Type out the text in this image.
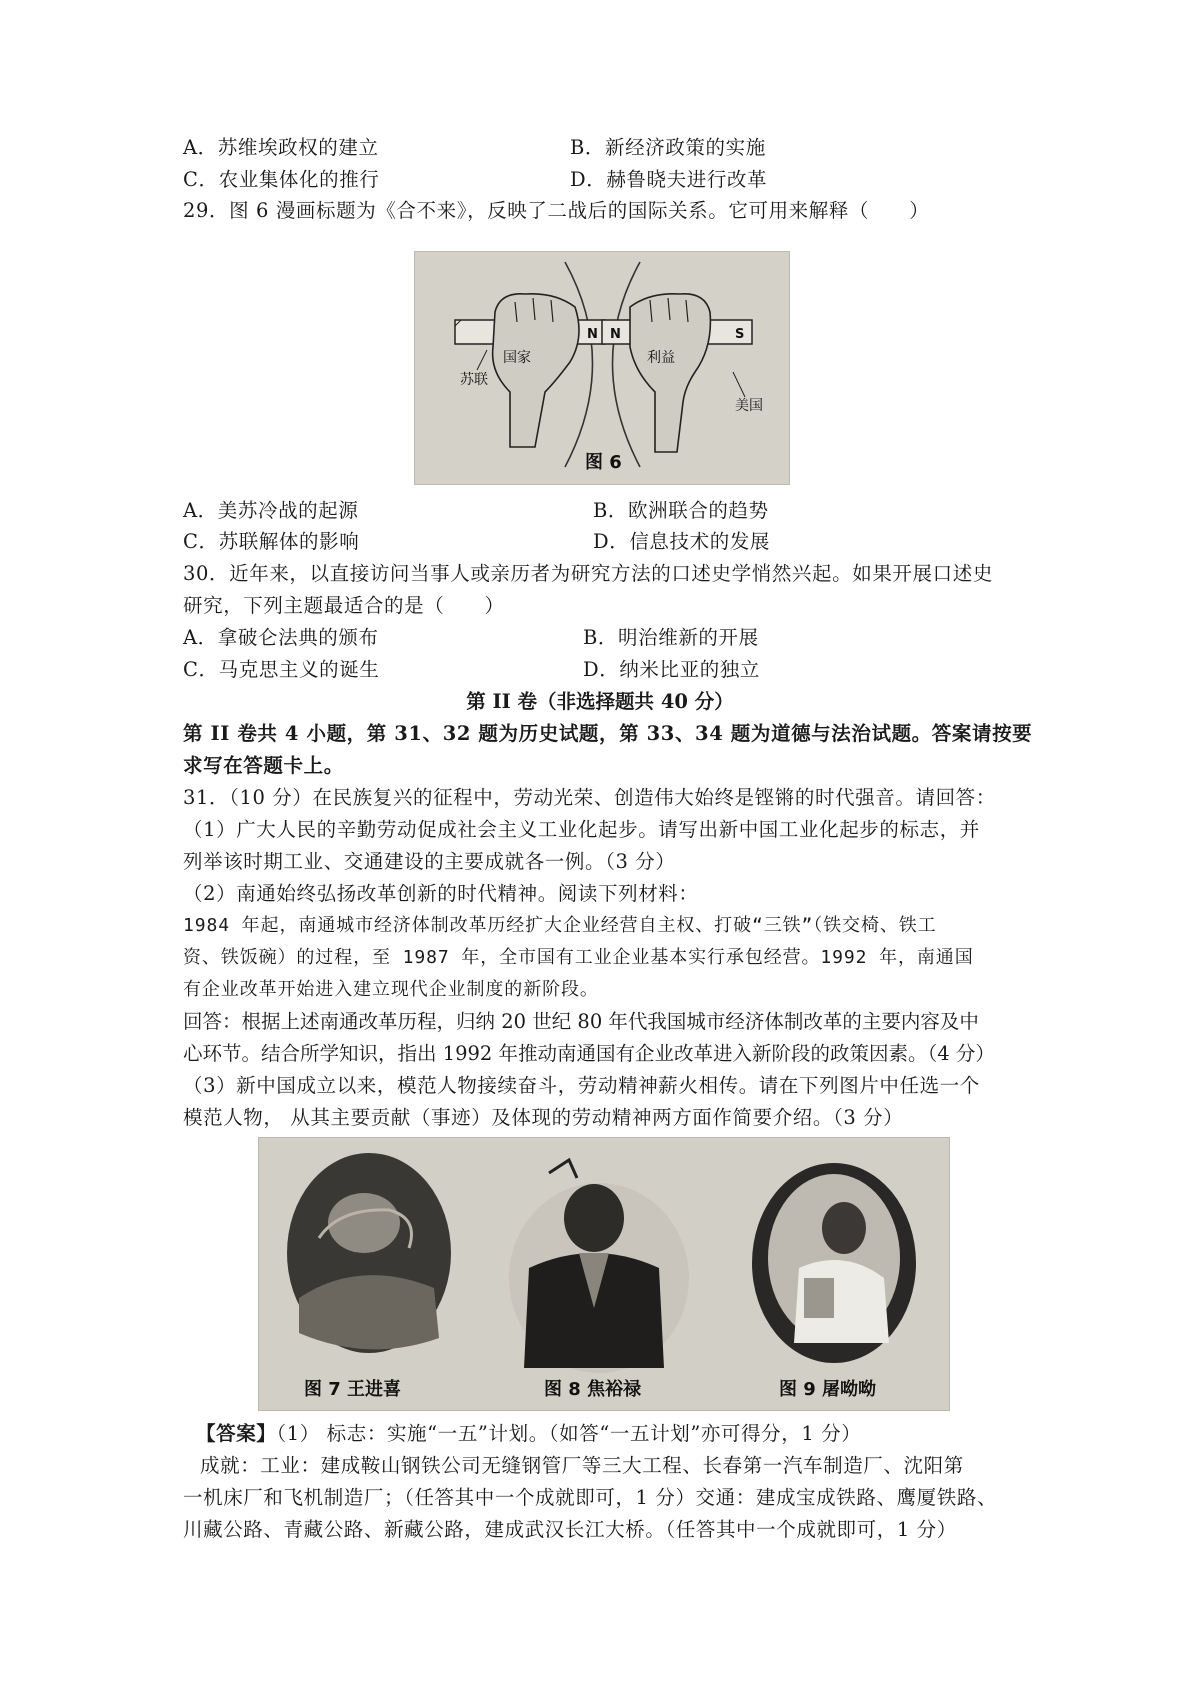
A．苏维埃政权的建立	B．新经济政策的实施
C．农业集体化的推行	D．赫鲁晓夫进行改革
29．图 6 漫画标题为《合不来》，反映了二战后的国际关系。它可用来解释（　　）
N N	S
国家	利益
苏联
美国
图 6
A．美苏冷战的起源	B．欧洲联合的趋势
C．苏联解体的影响	D．信息技术的发展
30．近年来，以直接访问当事人或亲历者为研究方法的口述史学悄然兴起。如果开展口述史
研究，下列主题最适合的是（　　）
A．拿破仑法典的颁布	B．明治维新的开展
C．马克思主义的诞生	D．纳米比亚的独立
第 II 卷（非选择题共 40 分）
第 II 卷共 4 小题，第 31、32 题为历史试题，第 33、34 题为道德与法治试题。答案请按要
求写在答题卡上。
31．（10 分）在民族复兴的征程中，劳动光荣、创造伟大始终是铿锵的时代强音。请回答：
（1）广大人民的辛勤劳动促成社会主义工业化起步。请写出新中国工业化起步的标志，并
列举该时期工业、交通建设的主要成就各一例。（3 分）
（2）南通始终弘扬改革创新的时代精神。阅读下列材料：
1984 年起，南通城市经济体制改革历经扩大企业经营自主权、打破“三铁”（铁交椅、铁工
资、铁饭碗）的过程，至 1987 年，全市国有工业企业基本实行承包经营。1992 年，南通国
有企业改革开始进入建立现代企业制度的新阶段。
回答：根据上述南通改革历程，归纳 20 世纪 80 年代我国城市经济体制改革的主要内容及中
心环节。结合所学知识，指出 1992 年推动南通国有企业改革进入新阶段的政策因素。（4 分）
（3）新中国成立以来，模范人物接续奋斗，劳动精神薪火相传。请在下列图片中任选一个
模范人物， 从其主要贡献（事迹）及体现的劳动精神两方面作简要介绍。（3 分）
图 7 王进喜	图 8 焦裕禄	图 9 屠呦呦
【答案】（1） 标志：实施“一五”计划。（如答“一五计划”亦可得分，1 分）
成就：工业：建成鞍山钢铁公司无缝钢管厂等三大工程、长春第一汽车制造厂、沈阳第
一机床厂和飞机制造厂；（任答其中一个成就即可，1 分）交通：建成宝成铁路、鹰厦铁路、
川藏公路、青藏公路、新藏公路，建成武汉长江大桥。（任答其中一个成就即可，1 分）
